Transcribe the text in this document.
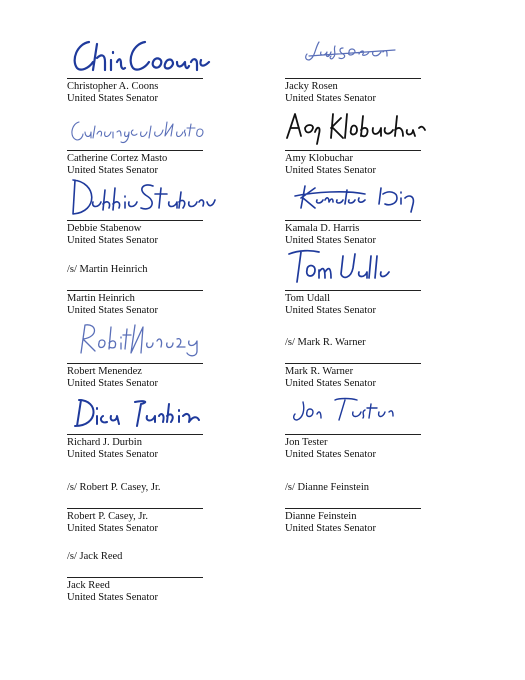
Christopher A. Coons
United States Senator
Jacky Rosen
United States Senator
Catherine Cortez Masto
United States Senator
Amy Klobuchar
United States Senator
Debbie Stabenow
United States Senator
Kamala D. Harris
United States Senator
/s/ Martin Heinrich
Martin Heinrich
United States Senator
Tom Udall
United States Senator
Robert Menendez
United States Senator
/s/ Mark R. Warner
Mark R. Warner
United States Senator
Richard J. Durbin
United States Senator
Jon Tester
United States Senator
/s/ Robert P. Casey, Jr.
Robert P. Casey, Jr.
United States Senator
/s/ Dianne Feinstein
Dianne Feinstein
United States Senator
/s/ Jack Reed
Jack Reed
United States Senator
